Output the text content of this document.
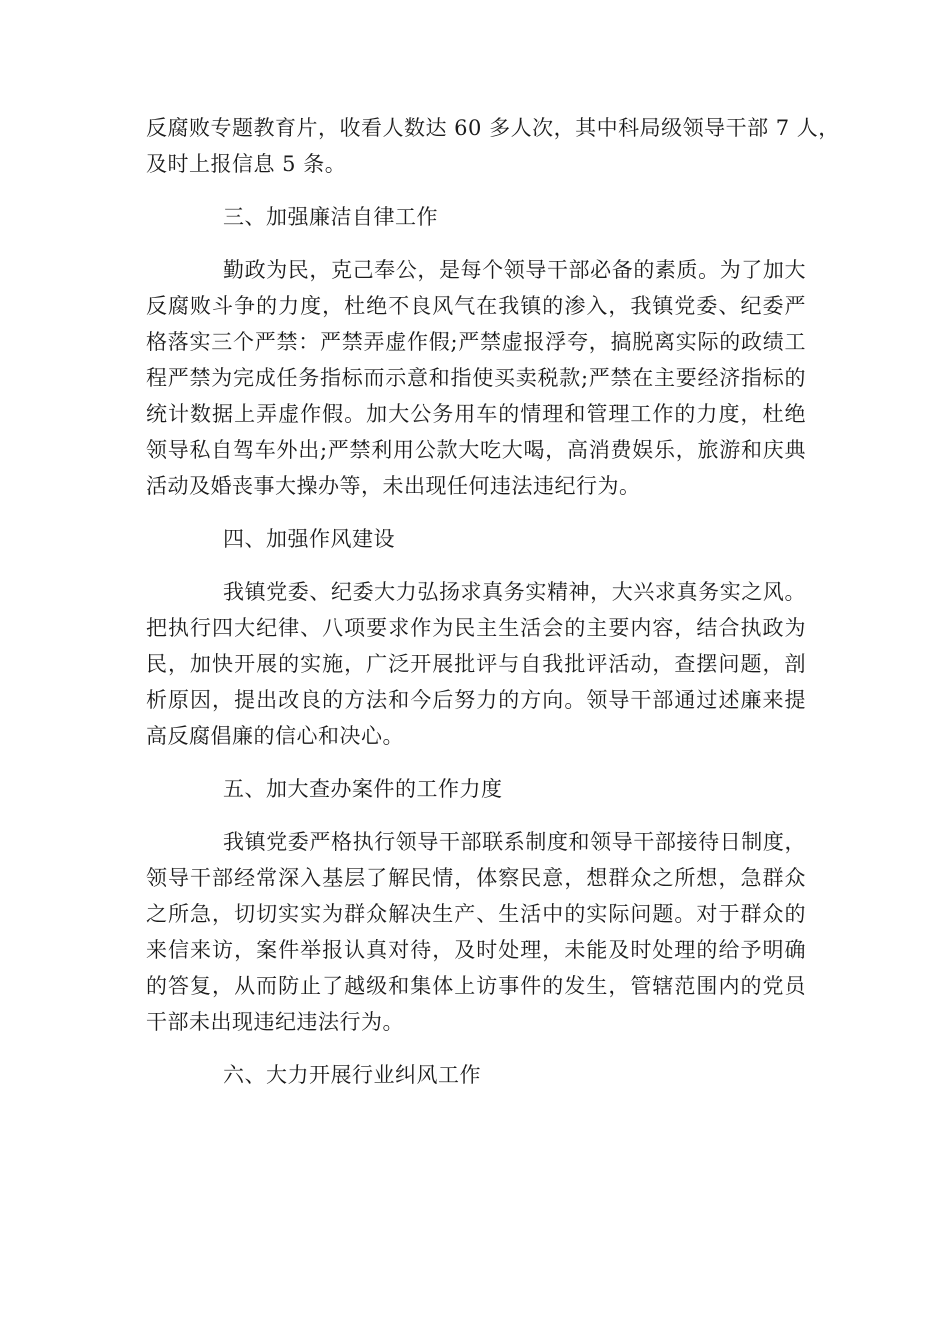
反腐败专题教育片，收看人数达 60 多人次，其中科局级领导干部 7 人，
及时上报信息 5 条。
三、加强廉洁自律工作
勤政为民，克己奉公，是每个领导干部必备的素质。为了加大
反腐败斗争的力度，杜绝不良风气在我镇的渗入，我镇党委、纪委严
格落实三个严禁：严禁弄虚作假;严禁虚报浮夸，搞脱离实际的政绩工
程严禁为完成任务指标而示意和指使买卖税款;严禁在主要经济指标的
统计数据上弄虚作假。加大公务用车的情理和管理工作的力度，杜绝
领导私自驾车外出;严禁利用公款大吃大喝，高消费娱乐，旅游和庆典
活动及婚丧事大操办等，未出现任何违法违纪行为。
四、加强作风建设
我镇党委、纪委大力弘扬求真务实精神，大兴求真务实之风。
把执行四大纪律、八项要求作为民主生活会的主要内容，结合执政为
民，加快开展的实施，广泛开展批评与自我批评活动，查摆问题，剖
析原因，提出改良的方法和今后努力的方向。领导干部通过述廉来提
高反腐倡廉的信心和决心。
五、加大查办案件的工作力度
我镇党委严格执行领导干部联系制度和领导干部接待日制度，
领导干部经常深入基层了解民情，体察民意，想群众之所想，急群众
之所急，切切实实为群众解决生产、生活中的实际问题。对于群众的
来信来访，案件举报认真对待，及时处理，未能及时处理的给予明确
的答复，从而防止了越级和集体上访事件的发生，管辖范围内的党员
干部未出现违纪违法行为。
六、大力开展行业纠风工作
